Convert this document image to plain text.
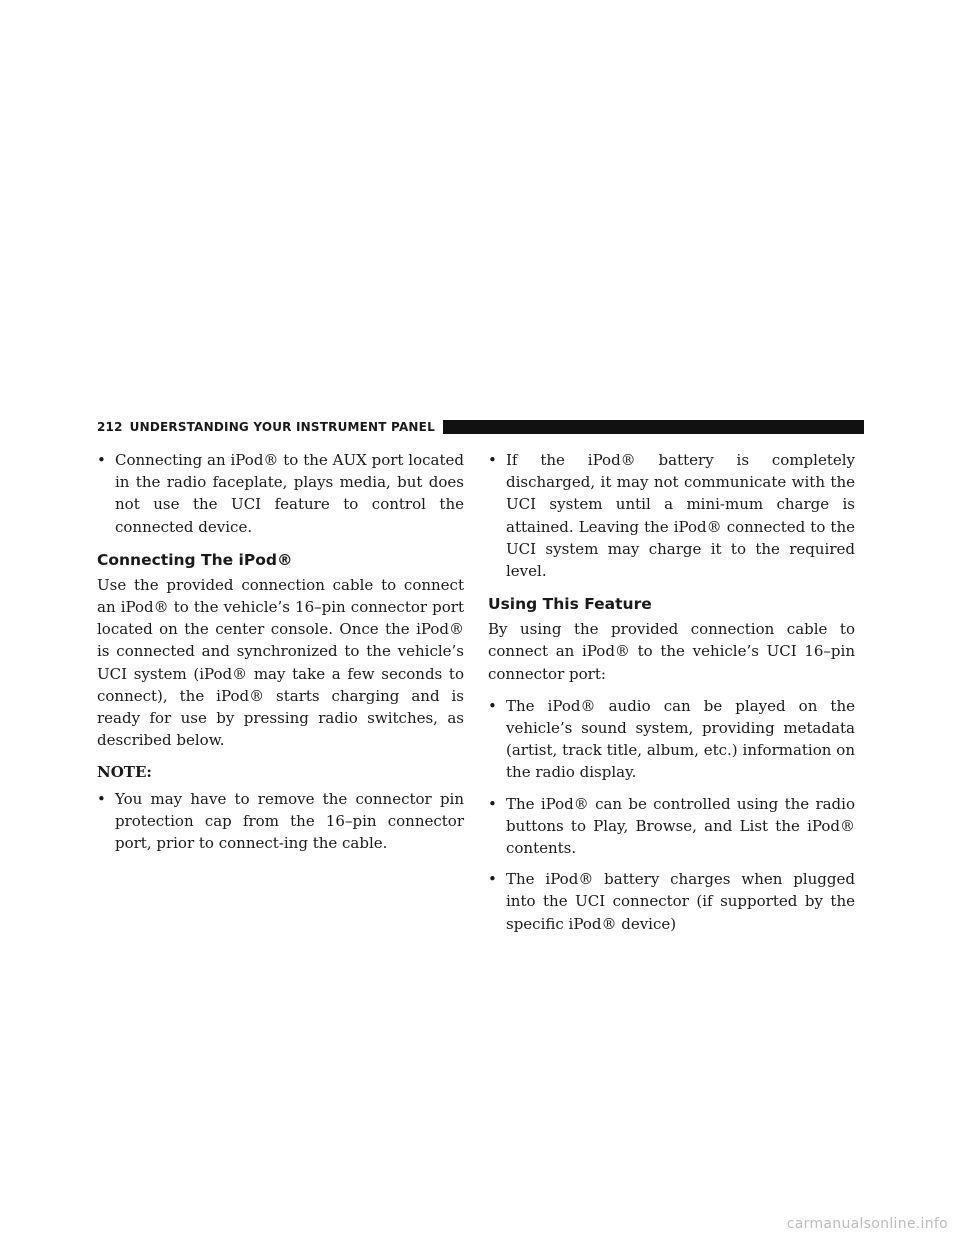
212 UNDERSTANDING YOUR INSTRUMENT PANEL
• Connecting an iPod® to the AUX port located in the radio faceplate, plays media, but does not use the UCI feature to control the connected device.
Connecting The iPod®

Use the provided connection cable to connect an iPod® to the vehicle’s 16–pin connector port located on the center console. Once the iPod® is connected and synchronized to the vehicle’s UCI system (iPod® may take a few seconds to connect), the iPod® starts charging and is ready for use by pressing radio switches, as described below.

NOTE:

• You may have to remove the connector pin protection cap from the 16–pin connector port, prior to connect-ing the cable.
• If the iPod® battery is completely discharged, it may not communicate with the UCI system until a mini-mum charge is attained. Leaving the iPod® connected to the UCI system may charge it to the required level.
Using This Feature

By using the provided connection cable to connect an iPod® to the vehicle’s UCI 16–pin connector port:

• The iPod® audio can be played on the vehicle’s sound system, providing metadata (artist, track title, album, etc.) information on the radio display.
• The iPod® can be controlled using the radio buttons to Play, Browse, and List the iPod® contents.
• The iPod® battery charges when plugged into the UCI connector (if supported by the specific iPod® device)
carmanualsonline.info
